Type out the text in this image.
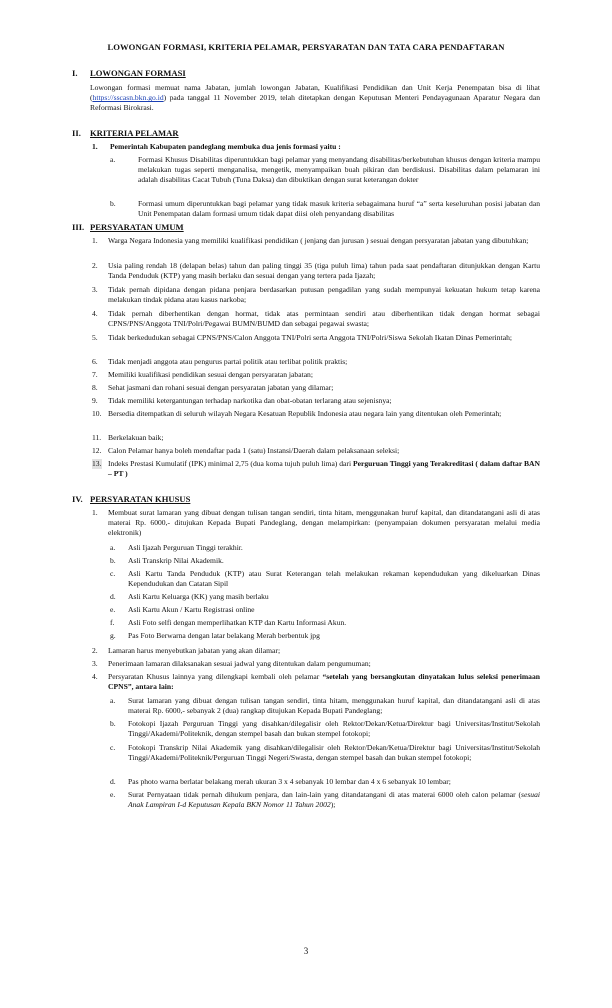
LOWONGAN FORMASI, KRITERIA PELAMAR, PERSYARATAN DAN TATA CARA PENDAFTARAN
I. LOWONGAN FORMASI
Lowongan formasi memuat nama Jabatan, jumlah lowongan Jabatan, Kualifikasi Pendidikan dan Unit Kerja Penempatan bisa di lihat (https://sscasn.bkn.go.id) pada tanggal 11 November 2019, telah ditetapkan dengan Keputusan Menteri Pendayagunaan Aparatur Negara dan Reformasi Birokrasi.
II. KRITERIA PELAMAR
1. Pemerintah Kabupaten pandeglang membuka dua jenis formasi yaitu :
a.	Formasi Khusus Disabilitas diperuntukkan bagi pelamar yang menyandang disabilitas/berkebutuhan khusus dengan kriteria mampu melakukan tugas seperti menganalisa, mengetik, menyampaikan buah pikiran dan berdiskusi. Disabilitas dalam pelamaran ini adalah disabilitas Cacat Tubuh (Tuna Daksa) dan dibuktikan dengan surat keterangan dokter
b.	Formasi umum diperuntukkan bagi pelamar yang tidak masuk kriteria sebagaimana huruf “a” serta keseluruhan posisi jabatan dan Unit Penempatan dalam formasi umum tidak dapat diisi oleh penyandang disabilitas
III. PERSYARATAN UMUM
1. Warga Negara Indonesia yang memiliki kualifikasi pendidikan ( jenjang dan jurusan ) sesuai dengan persyaratan jabatan yang dibutuhkan;
2. Usia paling rendah 18 (delapan belas) tahun dan paling tinggi 35 (tiga puluh lima) tahun pada saat pendaftaran ditunjukkan dengan Kartu Tanda Penduduk (KTP) yang masih berlaku dan sesuai dengan yang tertera pada Ijazah;
3. Tidak pernah dipidana dengan pidana penjara berdasarkan putusan pengadilan yang sudah mempunyai kekuatan hukum tetap karena melakukan tindak pidana atau kasus narkoba;
4. Tidak pernah diberhentikan dengan hormat, tidak atas permintaan sendiri atau diberhentikan tidak dengan hormat sebagai CPNS/PNS/Anggota TNI/Polri/Pegawai BUMN/BUMD dan sebagai pegawai swasta;
5. Tidak berkedudukan sebagai CPNS/PNS/Calon Anggota TNI/Polri serta Anggota TNI/Polri/Siswa Sekolah Ikatan Dinas Pemerintah;
6. Tidak menjadi anggota atau pengurus partai politik atau terlibat politik praktis;
7. Memiliki kualifikasi pendidikan sesuai dengan persyaratan jabatan;
8. Sehat jasmani dan rohani sesuai dengan persyaratan jabatan yang dilamar;
9. Tidak memiliki ketergantungan terhadap narkotika dan obat-obatan terlarang atau sejenisnya;
10. Bersedia ditempatkan di seluruh wilayah Negara Kesatuan Republik Indonesia atau negara lain yang ditentukan oleh Pemerintah;
11. Berkelakuan baik;
12. Calon Pelamar hanya boleh mendaftar pada 1 (satu) Instansi/Daerah dalam pelaksanaan seleksi;
13. Indeks Prestasi Kumulatif (IPK) minimal 2,75 (dua koma tujuh puluh lima) dari Perguruan Tinggi yang Terakreditasi ( dalam daftar BAN – PT )
IV. PERSYARATAN KHUSUS
1. Membuat surat lamaran yang dibuat dengan tulisan tangan sendiri, tinta hitam, menggunakan huruf kapital, dan ditandatangani asli di atas materai Rp. 6000,- ditujukan Kepada Bupati Pandeglang, dengan melampirkan: (penyampaian dokumen persyaratan melalui media elektronik)
a. Asli Ijazah Perguruan Tinggi terakhir.
b. Asli Transkrip Nilai Akademik.
c. Asli Kartu Tanda Penduduk (KTP) atau Surat Keterangan telah melakukan rekaman kependudukan yang dikeluarkan Dinas Kependudukan dan Catatan Sipil
d. Asli Kartu Keluarga (KK) yang masih berlaku
e. Asli Kartu Akun / Kartu Registrasi online
f. Asli Foto selfi dengan memperlihatkan KTP dan Kartu Informasi Akun.
g. Pas Foto Berwarna dengan latar belakang Merah berbentuk jpg
2. Lamaran harus menyebutkan jabatan yang akan dilamar;
3. Penerimaan lamaran dilaksanakan sesuai jadwal yang ditentukan dalam pengumuman;
4. Persyaratan Khusus lainnya yang dilengkapi kembali oleh pelamar “setelah yang bersangkutan dinyatakan lulus seleksi penerimaan CPNS”, antara lain:
a. Surat lamaran yang dibuat dengan tulisan tangan sendiri, tinta hitam, menggunakan huruf kapital, dan ditandatangani asli di atas materai Rp. 6000,- sebanyak 2 (dua) rangkap ditujukan Kepada Bupati Pandeglang;
b. Fotokopi Ijazah Perguruan Tinggi yang disahkan/dilegalisir oleh Rektor/Dekan/Ketua/Direktur bagi Universitas/Institut/Sekolah Tinggi/Akademi/Politeknik, dengan stempel basah dan bukan stempel fotokopi;
c. Fotokopi Transkrip Nilai Akademik yang disahkan/dilegalisir oleh Rektor/Dekan/Ketua/Direktur bagi Universitas/Institut/Sekolah Tinggi/Akademi/Politeknik/Perguruan Tinggi Negeri/Swasta, dengan stempel basah dan bukan stempel fotokopi;
d. Pas photo warna berlatar belakang merah ukuran 3 x 4 sebanyak 10 lembar dan 4 x 6 sebanyak 10 lembar;
e. Surat Pernyataan tidak pernah dihukum penjara, dan lain-lain yang ditandatangani di atas materai 6000 oleh calon pelamar (sesuai Anak Lampiran I-d Keputusan Kepala BKN Nomor 11 Tahun 2002);
3
